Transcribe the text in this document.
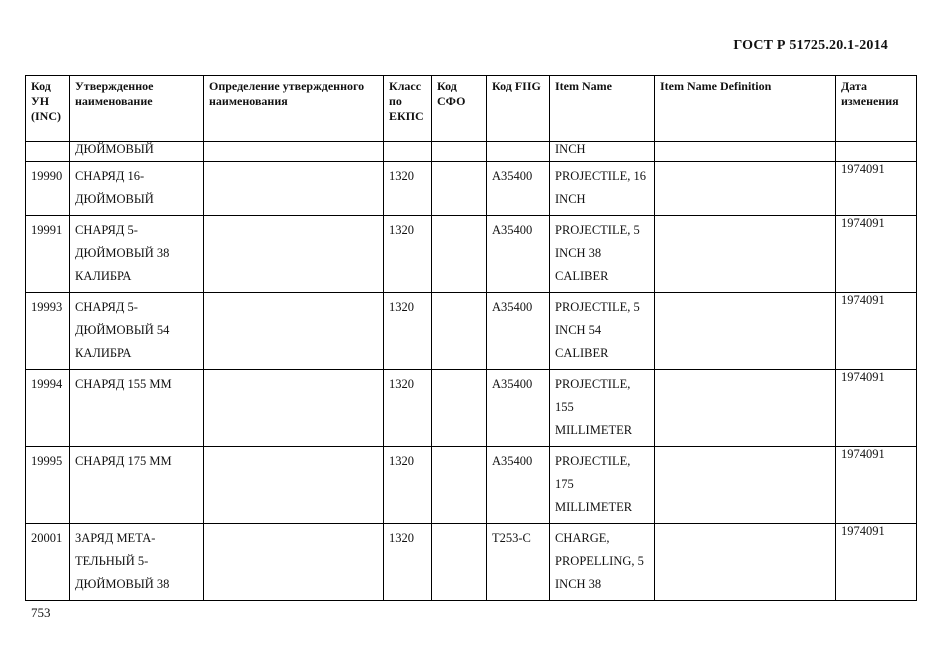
ГОСТ Р 51725.20.1-2014
Код УН (INC)	Утвержденное наименование	Определение утвержденного наименования	Класс по ЕКПС	Код СФО	Код FIIG	Item Name	Item Name Definition	Дата изменения
	ДЮЙМОВЫЙ					INCH		
19990	СНАРЯД 16-ДЮЙМОВЫЙ		1320		A35400	PROJECTILE, 16 INCH		1974091
19991	СНАРЯД 5-ДЮЙМОВЫЙ 38 КАЛИБРА		1320		A35400	PROJECTILE, 5 INCH 38 CALIBER		1974091
19993	СНАРЯД 5-ДЮЙМОВЫЙ 54 КАЛИБРА		1320		A35400	PROJECTILE, 5 INCH 54 CALIBER		1974091
19994	СНАРЯД 155 ММ		1320		A35400	PROJECTILE, 155 MILLIMETER		1974091
19995	СНАРЯД 175 ММ		1320		A35400	PROJECTILE, 175 MILLIMETER		1974091
20001	ЗАРЯД МЕТА-ТЕЛЬНЫЙ 5-ДЮЙМОВЫЙ 38		1320		T253-C	CHARGE, PROPELLING, 5 INCH 38		1974091
753
